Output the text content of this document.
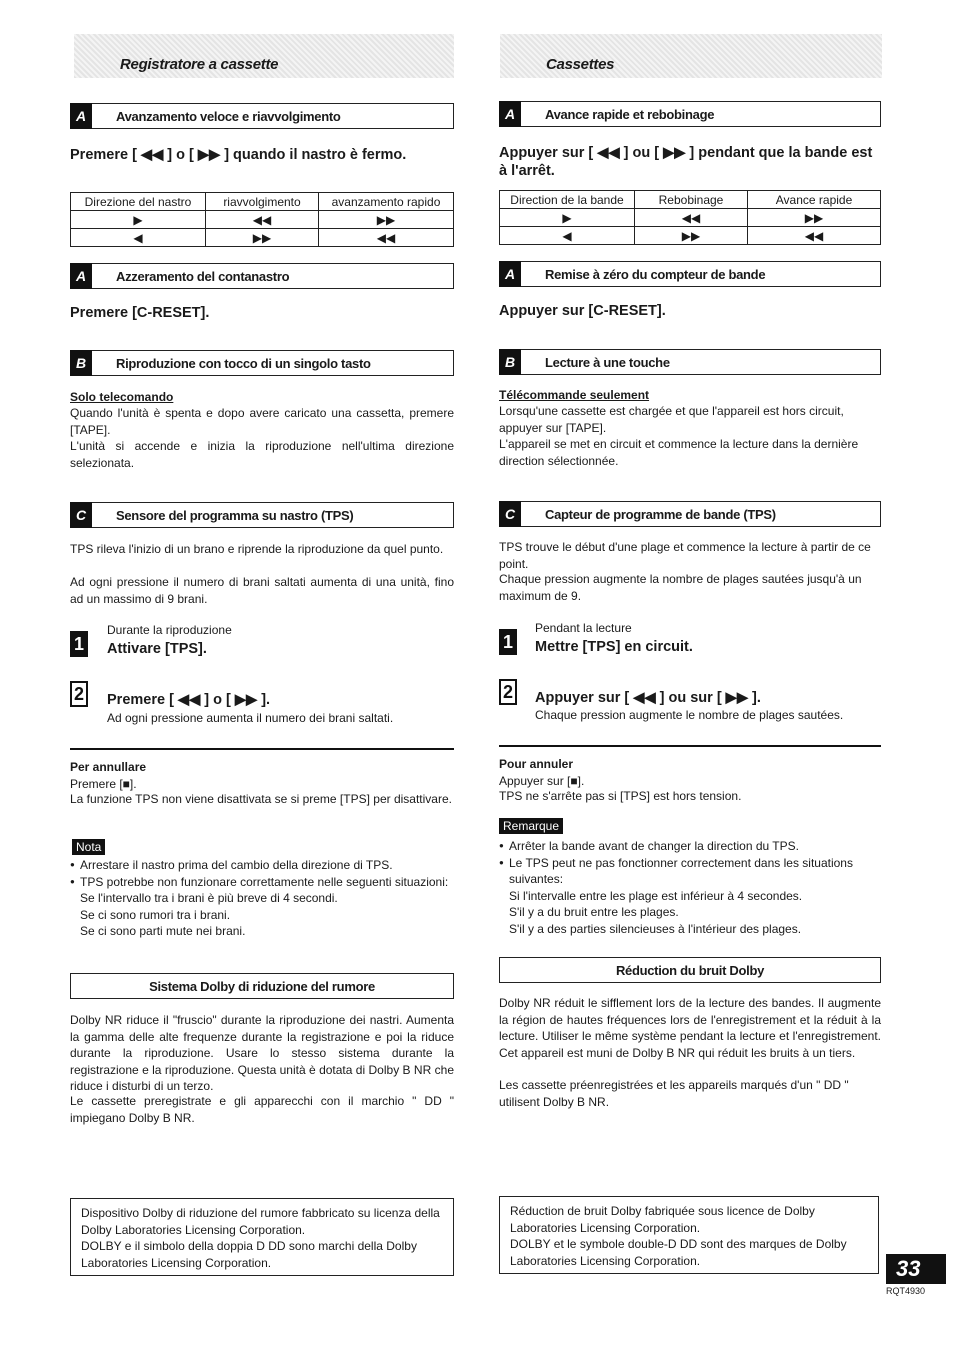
Registratore a cassette
A	Avanzamento veloce e riavvolgimento
Premere [ ◀◀ ] o [ ▶▶ ] quando il nastro è fermo.
Direzione del nastro	riavvolgimento	avanzamento rapido
▶	◀◀	▶▶
◀	▶▶	◀◀
A	Azzeramento del contanastro
Premere [C-RESET].
B	Riproduzione con tocco di un singolo tasto
Solo telecomando
Quando l'unità è spenta e dopo avere caricato una cassetta, premere [TAPE].
L'unità si accende e inizia la riproduzione nell'ultima direzione selezionata.
C	Sensore del programma su nastro (TPS)
TPS rileva l'inizio di un brano e riprende la riproduzione da quel punto.
Ad ogni pressione il numero di brani saltati aumenta di una unità, fino ad un massimo di 9 brani.
1
Durante la riproduzione
Attivare [TPS].
2 Premere [ ◀◀ ] o [ ▶▶ ].
Ad ogni pressione aumenta il numero dei brani saltati.
Per annullare
Premere [■].
La funzione TPS non viene disattivata se si preme [TPS] per disattivare.
Nota
● Arrestare il nastro prima del cambio della direzione di TPS.
● TPS potrebbe non funzionare correttamente nelle seguenti situazioni:
Se l'intervallo tra i brani è più breve di 4 secondi.
Se ci sono rumori tra i brani.
Se ci sono parti mute nei brani.
Sistema Dolby di riduzione del rumore
Dolby NR riduce il "fruscio" durante la riproduzione dei nastri. Aumenta la gamma delle alte frequenze durante la registrazione e poi la riduce durante la riproduzione. Usare lo stesso sistema durante la registrazione e la riproduzione. Questa unità è dotata di Dolby B NR che riduce i disturbi di un terzo.
Le cassette preregistrate e gli apparecchi con il marchio " DD " impiegano Dolby B NR.
Dispositivo Dolby di riduzione del rumore fabbricato su licenza della Dolby Laboratories Licensing Corporation.
DOLBY e il simbolo della doppia D DD sono marchi della Dolby Laboratories Licensing Corporation.
Cassettes
A	Avance rapide et rebobinage
Appuyer sur [ ◀◀ ] ou [ ▶▶ ] pendant que la bande est à l'arrêt.
Direction de la bande	Rebobinage	Avance rapide
▶	◀◀	▶▶
◀	▶▶	◀◀
A	Remise à zéro du compteur de bande
Appuyer sur [C-RESET].
B	Lecture à une touche
Télécommande seulement
Lorsqu'une cassette est chargée et que l'appareil est hors circuit, appuyer sur [TAPE].
L'appareil se met en circuit et commence la lecture dans la dernière direction sélectionnée.
C	Capteur de programme de bande (TPS)
TPS trouve le début d'une plage et commence la lecture à partir de ce point.
Chaque pression augmente la nombre de plages sautées jusqu'à un maximum de 9.
1
Pendant la lecture
Mettre [TPS] en circuit.
2 Appuyer sur [ ◀◀ ] ou sur [ ▶▶ ].
Chaque pression augmente le nombre de plages sautées.
Pour annuler
Appuyer sur [■].
TPS ne s'arrête pas si [TPS] est hors tension.
Remarque
● Arrêter la bande avant de changer la direction du TPS.
● Le TPS peut ne pas fonctionner correctement dans les situations suivantes:
Si l'intervalle entre les plage est inférieur à 4 secondes.
S'il y a du bruit entre les plages.
S'il y a des parties silencieuses à l'intérieur des plages.
Réduction du bruit Dolby
Dolby NR réduit le sifflement lors de la lecture des bandes. Il augmente la région de hautes fréquences lors de l'enregistrement et la réduit à la lecture. Utiliser le même système pendant la lecture et l'enregistrement. Cet appareil est muni de Dolby B NR qui réduit les bruits à un tiers.
Les cassette préenregistrées et les appareils marqués d'un " DD " utilisent Dolby B NR.
Réduction de bruit Dolby fabriquée sous licence de Dolby Laboratories Licensing Corporation.
DOLBY et le symbole double-D DD sont des marques de Dolby Laboratories Licensing Corporation.	33
RQT4930
